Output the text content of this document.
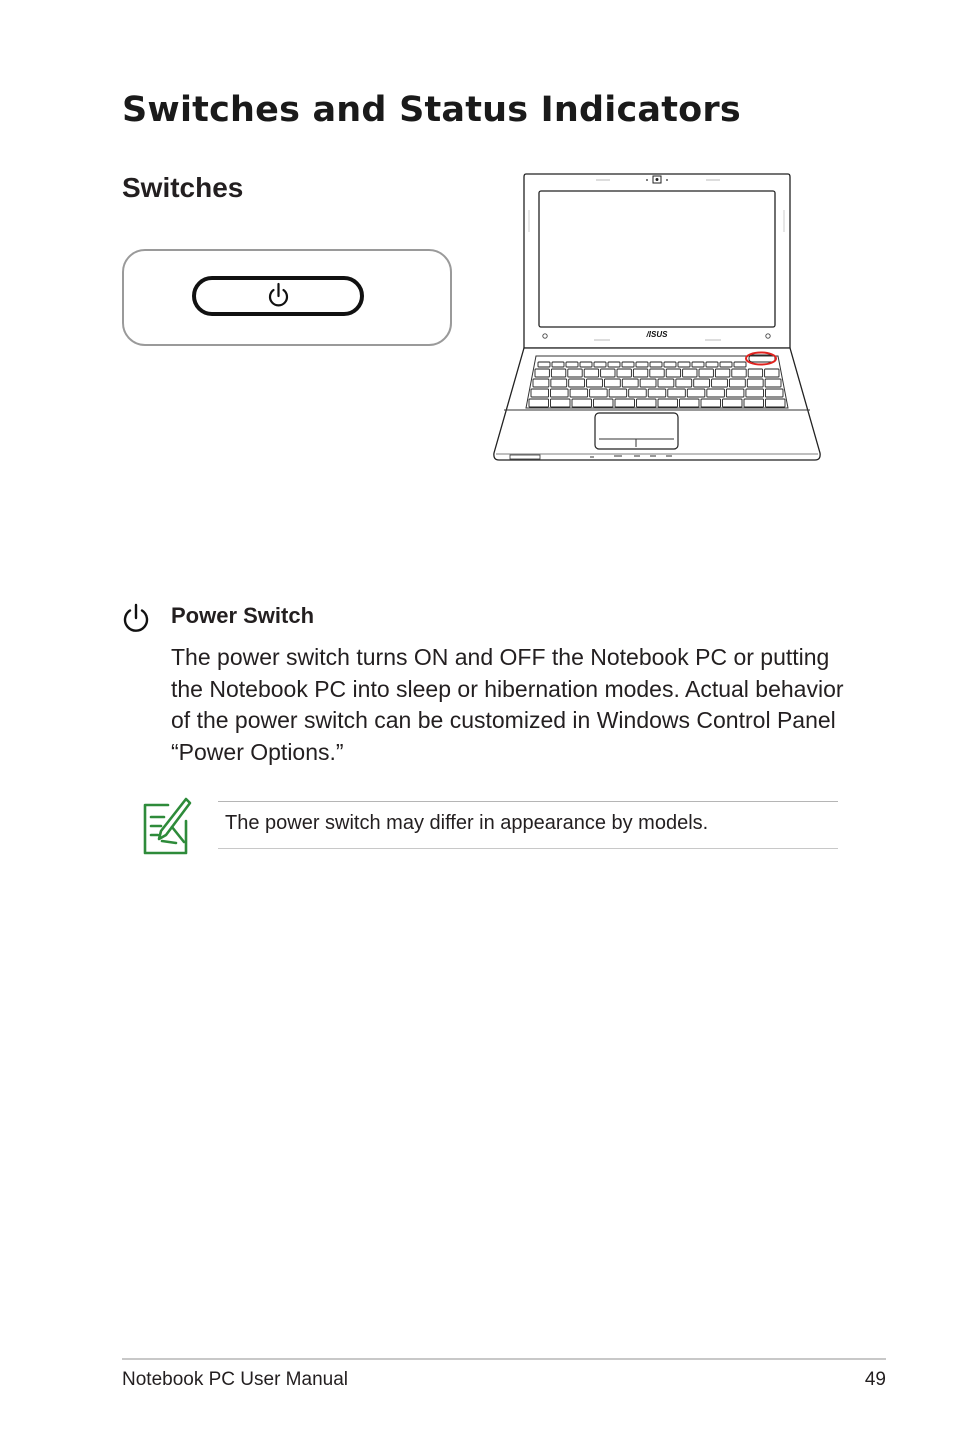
Switches and Status Indicators
Switches
/ISUS
Power Switch

The power switch turns ON and OFF the Notebook PC or putting the Notebook PC into sleep or hibernation modes. Actual behavior of the power switch can be customized in Windows Control Panel “Power Options.”

The power switch may differ in appearance by models.

Notebook PC User Manual	49
